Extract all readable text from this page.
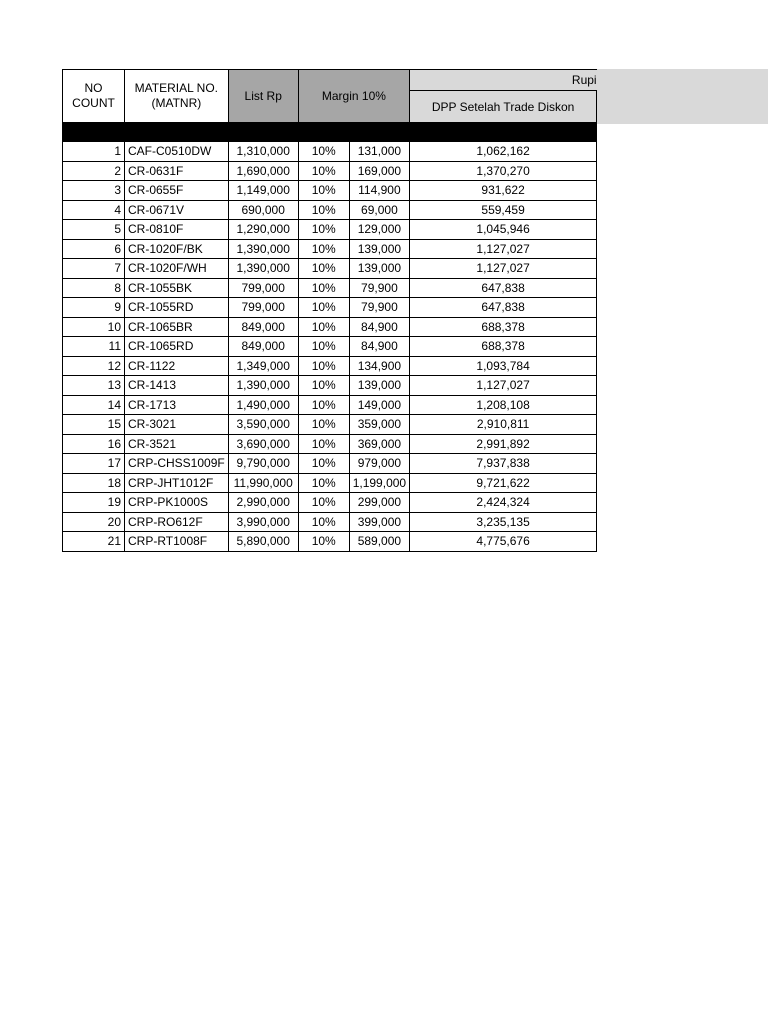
NO COUNT	MATERIAL NO. (MATNR)	List Rp	Margin 10%		Rupi
					DPP Setelah Trade Diskon

1	CAF-C0510DW	1,310,000	10%	131,000	1,062,162
2	CR-0631F	1,690,000	10%	169,000	1,370,270
3	CR-0655F	1,149,000	10%	114,900	931,622
4	CR-0671V	690,000	10%	69,000	559,459
5	CR-0810F	1,290,000	10%	129,000	1,045,946
6	CR-1020F/BK	1,390,000	10%	139,000	1,127,027
7	CR-1020F/WH	1,390,000	10%	139,000	1,127,027
8	CR-1055BK	799,000	10%	79,900	647,838
9	CR-1055RD	799,000	10%	79,900	647,838
10	CR-1065BR	849,000	10%	84,900	688,378
11	CR-1065RD	849,000	10%	84,900	688,378
12	CR-1122	1,349,000	10%	134,900	1,093,784
13	CR-1413	1,390,000	10%	139,000	1,127,027
14	CR-1713	1,490,000	10%	149,000	1,208,108
15	CR-3021	3,590,000	10%	359,000	2,910,811
16	CR-3521	3,690,000	10%	369,000	2,991,892
17	CRP-CHSS1009F	9,790,000	10%	979,000	7,937,838
18	CRP-JHT1012F	11,990,000	10%	1,199,000	9,721,622
19	CRP-PK1000S	2,990,000	10%	299,000	2,424,324
20	CRP-RO612F	3,990,000	10%	399,000	3,235,135
21	CRP-RT1008F	5,890,000	10%	589,000	4,775,676
